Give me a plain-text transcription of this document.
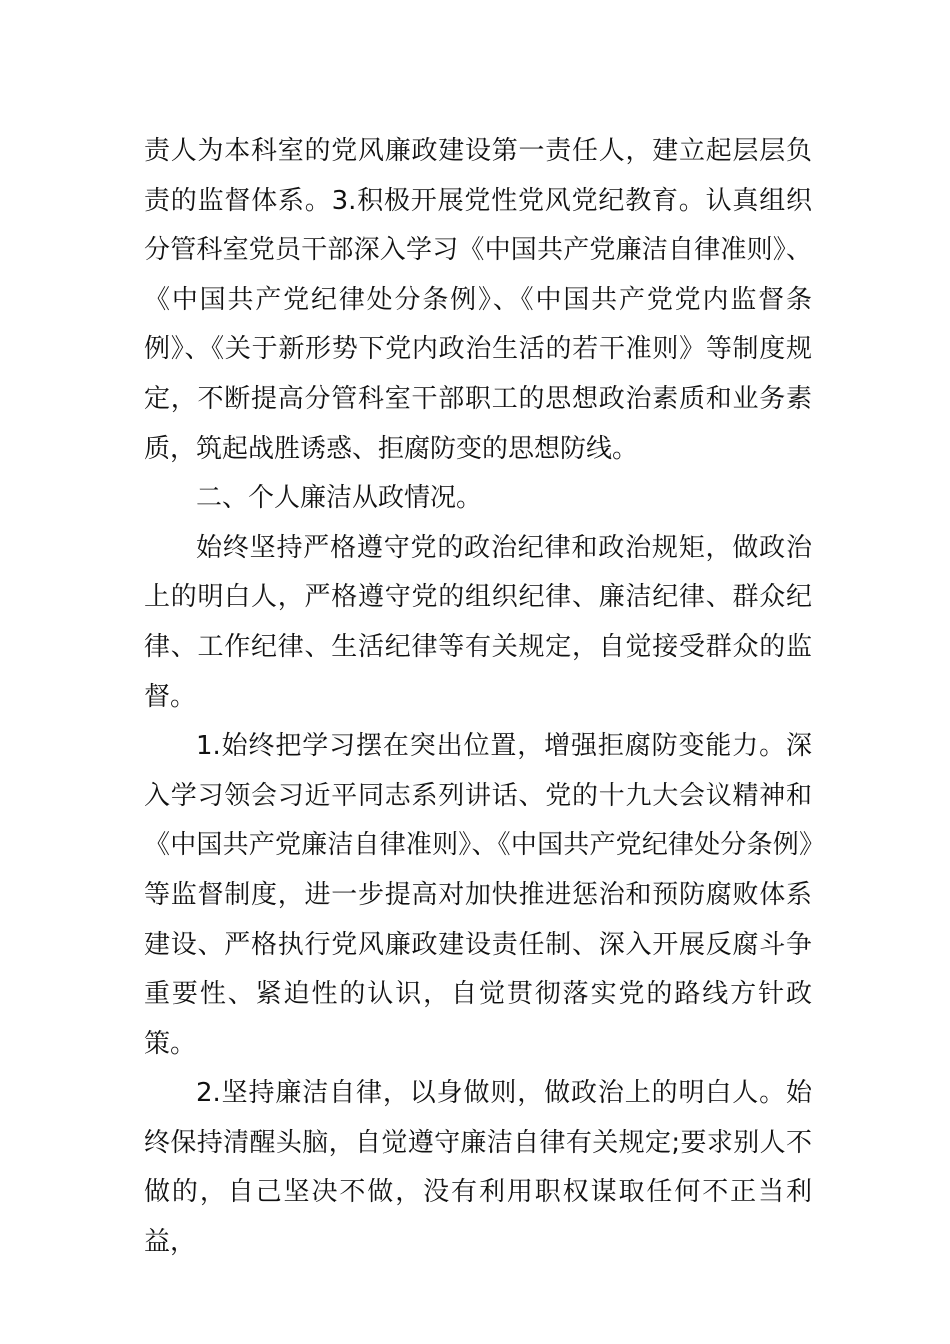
责人为本科室的党风廉政建设第一责任人，建立起层层负责的监督体系。3.积极开展党性党风党纪教育。认真组织分管科室党员干部深入学习《中国共产党廉洁自律准则》、《中国共产党纪律处分条例》、《中国共产党党内监督条例》、《关于新形势下党内政治生活的若干准则》等制度规定，不断提高分管科室干部职工的思想政治素质和业务素质，筑起战胜诱惑、拒腐防变的思想防线。

二、个人廉洁从政情况。

始终坚持严格遵守党的政治纪律和政治规矩，做政治上的明白人，严格遵守党的组织纪律、廉洁纪律、群众纪律、工作纪律、生活纪律等有关规定，自觉接受群众的监督。

1.始终把学习摆在突出位置，增强拒腐防变能力。深入学习领会习近平同志系列讲话、党的十九大会议精神和《中国共产党廉洁自律准则》、《中国共产党纪律处分条例》等监督制度，进一步提高对加快推进惩治和预防腐败体系建设、严格执行党风廉政建设责任制、深入开展反腐斗争重要性、紧迫性的认识，自觉贯彻落实党的路线方针政策。

2.坚持廉洁自律，以身做则，做政治上的明白人。始终保持清醒头脑，自觉遵守廉洁自律有关规定;要求别人不做的，自己坚决不做，没有利用职权谋取任何不正当利益，
